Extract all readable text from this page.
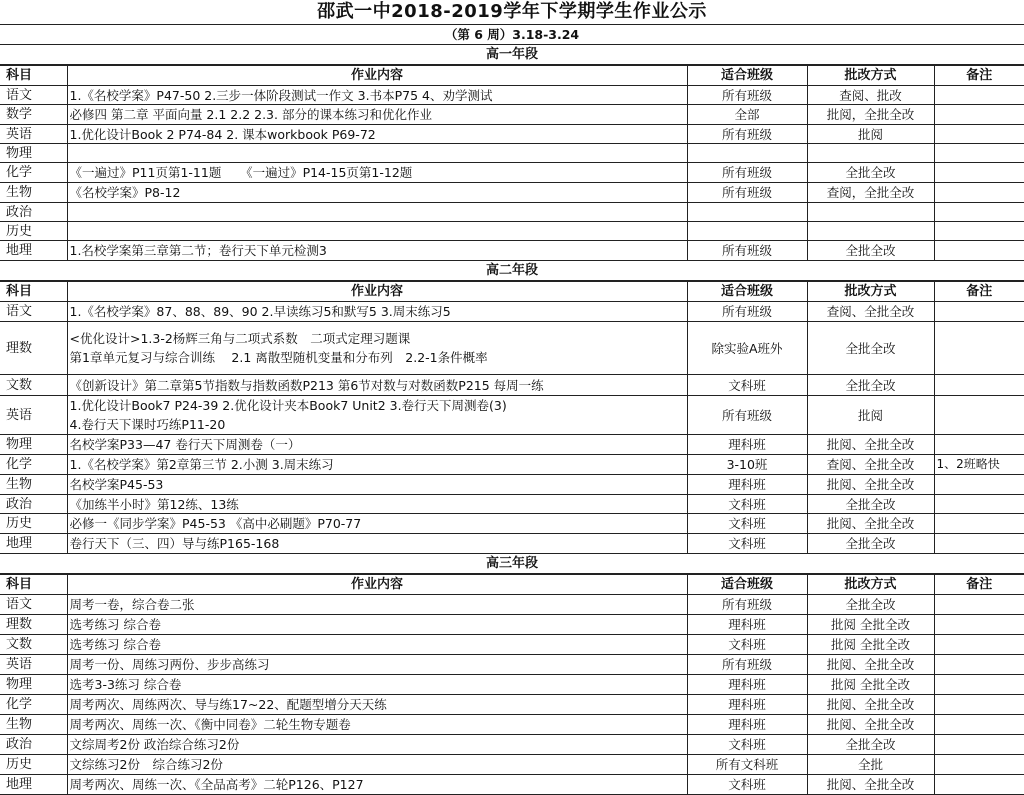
邵武一中2018-2019学年下学期学生作业公示
（第 6 周）3.18-3.24
高一年段
科目	作业内容	适合班级	批改方式	备注
语文	1.《名校学案》P47-50 2.三步一体阶段测试一作文 3.书本P75 4、劝学测试	所有班级	查阅、批改	
数学	必修四 第二章 平面向量 2.1 2.2 2.3. 部分的课本练习和优化作业	全部	批阅，全批全改	
英语	1.优化设计Book 2 P74-84 2. 课本workbook P69-72	所有班级	批阅	
物理	

化学	《一遍过》P11页第1-11题　　《一遍过》P14-15页第1-12题	所有班级	全批全改	
生物	《名校学案》P8-12	所有班级	查阅，全批全改	
政治	

历史	

地理	1.名校学案第三章第二节；卷行天下单元检测3	所有班级	全批全改	
高二年段
科目	作业内容	适合班级	批改方式	备注
语文	1.《名校学案》87、88、89、90 2.早读练习5和默写5 3.周末练习5	所有班级	查阅、全批全改	
理数	<优化设计>1.3-2杨辉三角与二项式系数　二项式定理习题课
第1章单元复习与综合训练　 2.1 离散型随机变量和分布列　2.2-1条件概率	除实验A班外	全批全改	
文数	《创新设计》第二章第5节指数与指数函数P213 第6节对数与对数函数P215 每周一练	文科班	全批全改	
英语	1.优化设计Book7 P24-39 2.优化设计夹本Book7 Unit2 3.卷行天下周测卷(3)
4.卷行天下课时巧练P11-20	所有班级	批阅	
物理	名校学案P33—47 卷行天下周测卷（一）	理科班	批阅、全批全改	
化学	1.《名校学案》第2章第三节 2.小测 3.周末练习	3-10班	查阅、全批全改	1、2班略快
生物	名校学案P45-53	理科班	批阅、全批全改	
政治	《加练半小时》第12练、13练	文科班	全批全改	
历史	必修一《同步学案》P45-53 《高中必刷题》P70-77	文科班	批阅、全批全改	
地理	卷行天下（三、四）导与练P165-168	文科班	全批全改	
高三年段
科目	作业内容	适合班级	批改方式	备注
语文	周考一卷，综合卷二张	所有班级	全批全改	
理数	选考练习 综合卷	理科班	批阅 全批全改	
文数	选考练习 综合卷	文科班	批阅 全批全改	
英语	周考一份、周练习两份、步步高练习	所有班级	批阅、全批全改	
物理	选考3-3练习 综合卷	理科班	批阅 全批全改	
化学	周考两次、周练两次、导与练17~22、配题型增分天天练	理科班	批阅、全批全改	
生物	周考两次、周练一次、《衡中同卷》二轮生物专题卷	理科班	批阅、全批全改	
政治	文综周考2份 政治综合练习2份	文科班	全批全改	
历史	文综练习2份　综合练习2份	所有文科班	全批	
地理	周考两次、周练一次、《全品高考》二轮P126、P127	文科班	批阅、全批全改	
